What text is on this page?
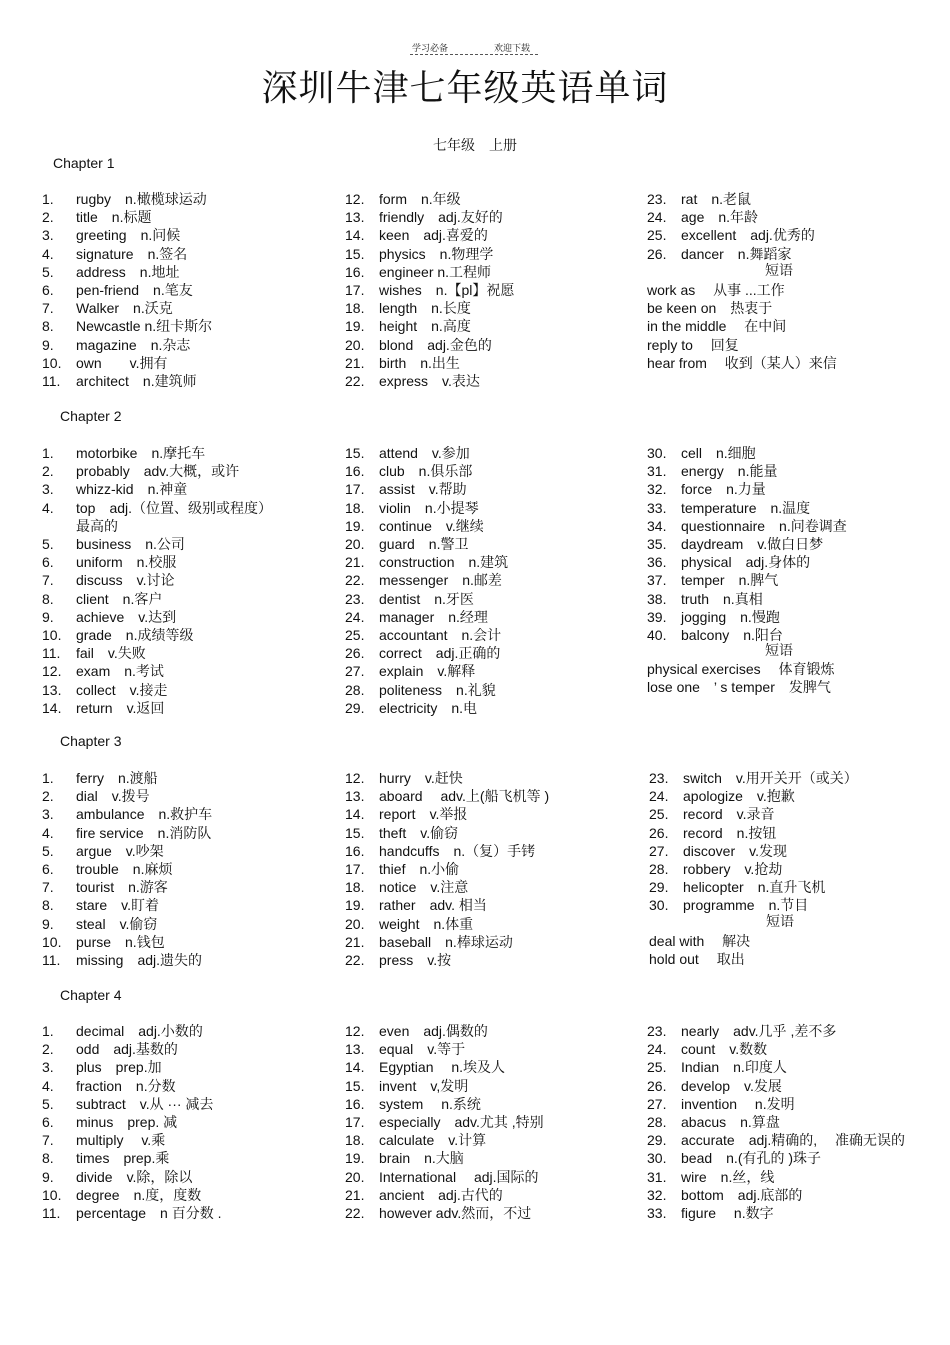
学习必备	欢迎下载
深圳牛津七年级英语单词
七年级　上册
Chapter 1
1. rugby　n.橄榄球运动
2. title　n.标题
3. greeting　n.问候
4. signature　n.签名
5. address　n.地址
6. pen-friend　n.笔友
7. Walker　n.沃克
8. Newcastle n.纽卡斯尔
9. magazine　n.杂志
10. own　　v.拥有
11. architect　n.建筑师
12. form　n.年级
13. friendly　adj.友好的
14. keen　adj.喜爱的
15. physics　n.物理学
16. engineer n.工程师
17. wishes　n.【pl】祝愿
18. length　n.长度
19. height　n.高度
20. blond　adj.金色的
21. birth　n.出生
22. express　v.表达
23. rat　n.老鼠
24. age　n.年龄
25. excellent　adj.优秀的
26. dancer　n.舞蹈家
短语
work as　 从事 ...工作
be keen on　热衷于
in the middle　 在中间
reply to　 回复
hear from　 收到（某人）来信
Chapter 2
1. motorbike　n.摩托车
2. probably　adv.大概，或许
3. whizz-kid　n.神童
4. top　adj.（位置、级别或程度）
最高的
5. business　n.公司
6. uniform　n.校服
7. discuss　v.讨论
8. client　n.客户
9. achieve　v.达到
10. grade　n.成绩等级
11. fail　v.失败
12. exam　n.考试
13. collect　v.接走
14. return　v.返回
15. attend　v.参加
16. club　n.俱乐部
17. assist　v.帮助
18. violin　n.小提琴
19. continue　v.继续
20. guard　n.警卫
21. construction　n.建筑
22. messenger　n.邮差
23. dentist　n.牙医
24. manager　n.经理
25. accountant　n.会计
26. correct　adj.正确的
27. explain　v.解释
28. politeness　n.礼貌
29. electricity　n.电
30. cell　n.细胞
31. energy　n.能量
32. force　n.力量
33. temperature　n.温度
34. questionnaire　n.问卷调查
35. daydream　v.做白日梦
36. physical　adj.身体的
37. temper　n.脾气
38. truth　n.真相
39. jogging　n.慢跑
40. balcony　n.阳台
短语
physical exercises　 体育锻炼
lose one　’ s temper　发脾气
Chapter 3
1. ferry　n.渡船
2. dial　v.拨号
3. ambulance　n.救护车
4. fire service　n.消防队
5. argue　v.吵架
6. trouble　n.麻烦
7. tourist　n.游客
8. stare　v.盯着
9. steal　v.偷窃
10. purse　n.钱包
11. missing　adj.遗失的
12. hurry　v.赶快
13. aboard　 adv.上(船飞机等 )
14. report　v.举报
15. theft　v.偷窃
16. handcuffs　n.（复）手铐
17. thief　n.小偷
18. notice　v.注意
19. rather　adv. 相当
20. weight　n.体重
21. baseball　n.棒球运动
22. press　v.按
23. switch　v.用开关开（或关）
24. apologize　v.抱歉
25. record　v.录音
26. record　n.按钮
27. discover　v.发现
28. robbery　v.抢劫
29. helicopter　n.直升飞机
30. programme　n.节目
短语
deal with　 解决
hold out　 取出
Chapter 4
1. decimal　adj.小数的
2. odd　adj.基数的
3. plus　prep.加
4. fraction　n.分数
5. subtract　v.从 ··· 减去
6. minus　prep. 减
7. multiply　 v.乘
8. times　prep.乘
9. divide　v.除，除以
10. degree　n.度，度数
11. percentage　n 百分数 .
12. even　adj.偶数的
13. equal　v.等于
14. Egyptian　 n.埃及人
15. invent　v,发明
16. system　 n.系统
17. especially　adv.尤其 ,特别
18. calculate　v.计算
19. brain　n.大脑
20. International　 adj.国际的
21. ancient　adj.古代的
22. however adv.然而，不过
23. nearly　adv.几乎 ,差不多
24. count　v.数数
25. Indian　n.印度人
26. develop　v.发展
27. invention　 n.发明
28. abacus　n.算盘
29. accurate　adj.精确的,　 准确无误的
30. bead　n.(有孔的 )珠子
31. wire　n.丝，线
32. bottom　adj.底部的
33. figure　 n.数字
